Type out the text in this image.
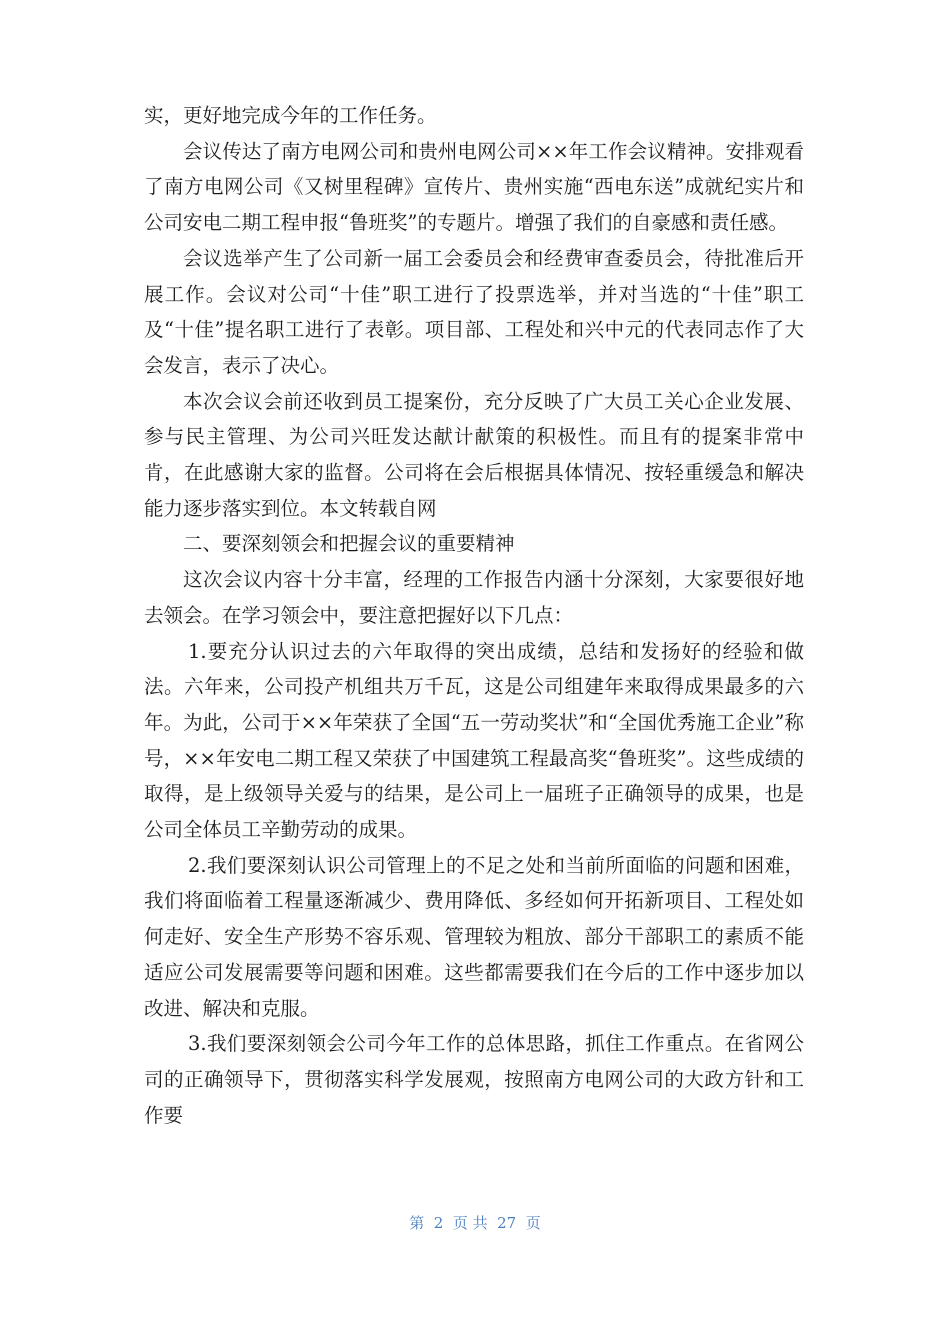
实，更好地完成今年的工作任务。

会议传达了南方电网公司和贵州电网公司××年工作会议精神。安排观看了南方电网公司《又树里程碑》宣传片、贵州实施“西电东送”成就纪实片和公司安电二期工程申报“鲁班奖”的专题片。增强了我们的自豪感和责任感。

会议选举产生了公司新一届工会委员会和经费审查委员会，待批准后开展工作。会议对公司“十佳”职工进行了投票选举，并对当选的“十佳”职工及“十佳”提名职工进行了表彰。项目部、工程处和兴中元的代表同志作了大会发言，表示了决心。

本次会议会前还收到员工提案份，充分反映了广大员工关心企业发展、参与民主管理、为公司兴旺发达献计献策的积极性。而且有的提案非常中肯，在此感谢大家的监督。公司将在会后根据具体情况、按轻重缓急和解决能力逐步落实到位。本文转载自网

二、要深刻领会和把握会议的重要精神

这次会议内容十分丰富，经理的工作报告内涵十分深刻，大家要很好地去领会。在学习领会中，要注意把握好以下几点：

1.要充分认识过去的六年取得的突出成绩，总结和发扬好的经验和做法。六年来，公司投产机组共万千瓦，这是公司组建年来取得成果最多的六年。为此，公司于××年荣获了全国“五一劳动奖状”和“全国优秀施工企业”称号，××年安电二期工程又荣获了中国建筑工程最高奖“鲁班奖”。这些成绩的取得，是上级领导关爱与的结果，是公司上一届班子正确领导的成果，也是公司全体员工辛勤劳动的成果。

2.我们要深刻认识公司管理上的不足之处和当前所面临的问题和困难，我们将面临着工程量逐渐减少、费用降低、多经如何开拓新项目、工程处如何走好、安全生产形势不容乐观、管理较为粗放、部分干部职工的素质不能适应公司发展需要等问题和困难。这些都需要我们在今后的工作中逐步加以改进、解决和克服。

3.我们要深刻领会公司今年工作的总体思路，抓住工作重点。在省网公司的正确领导下，贯彻落实科学发展观，按照南方电网公司的大政方针和工作要

第  2  页 共  27  页
